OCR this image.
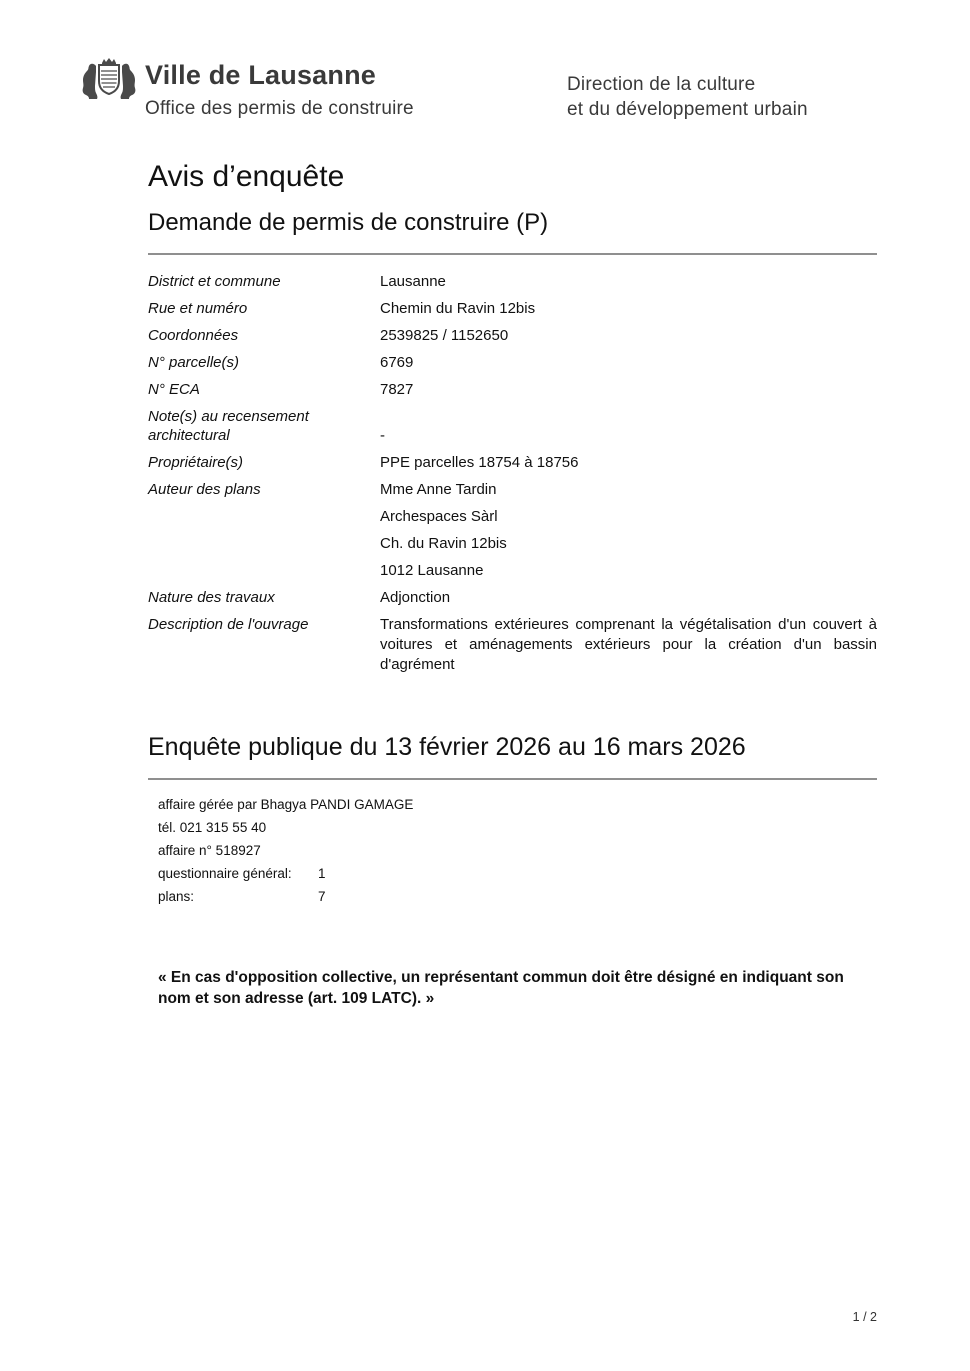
Ville de Lausanne
Office des permis de construire
Direction de la culture
et du développement urbain
Avis d’enquête
Demande de permis de construire (P)
District et commune	Lausanne
Rue et numéro	Chemin du Ravin 12bis
Coordonnées	2539825 / 1152650
N° parcelle(s)	6769
N° ECA	7827
Note(s) au recensement architectural	-
Propriétaire(s)	PPE parcelles 18754 à 18756
Auteur des plans	Mme Anne Tardin
Archespaces Sàrl
Ch. du Ravin 12bis
1012 Lausanne
Nature des travaux	Adjonction
Description de l'ouvrage	Transformations extérieures comprenant la végétalisation d'un couvert à voitures et aménagements extérieurs pour la création d'un bassin d'agrément
Enquête publique du 13 février 2026 au 16 mars 2026
affaire gérée par Bhagya PANDI GAMAGE
tél. 021 315 55 40
affaire n° 518927
questionnaire général:	1
plans:	7
« En cas d'opposition collective, un représentant commun doit être désigné en indiquant son nom et son adresse (art. 109 LATC). »
1 / 2
